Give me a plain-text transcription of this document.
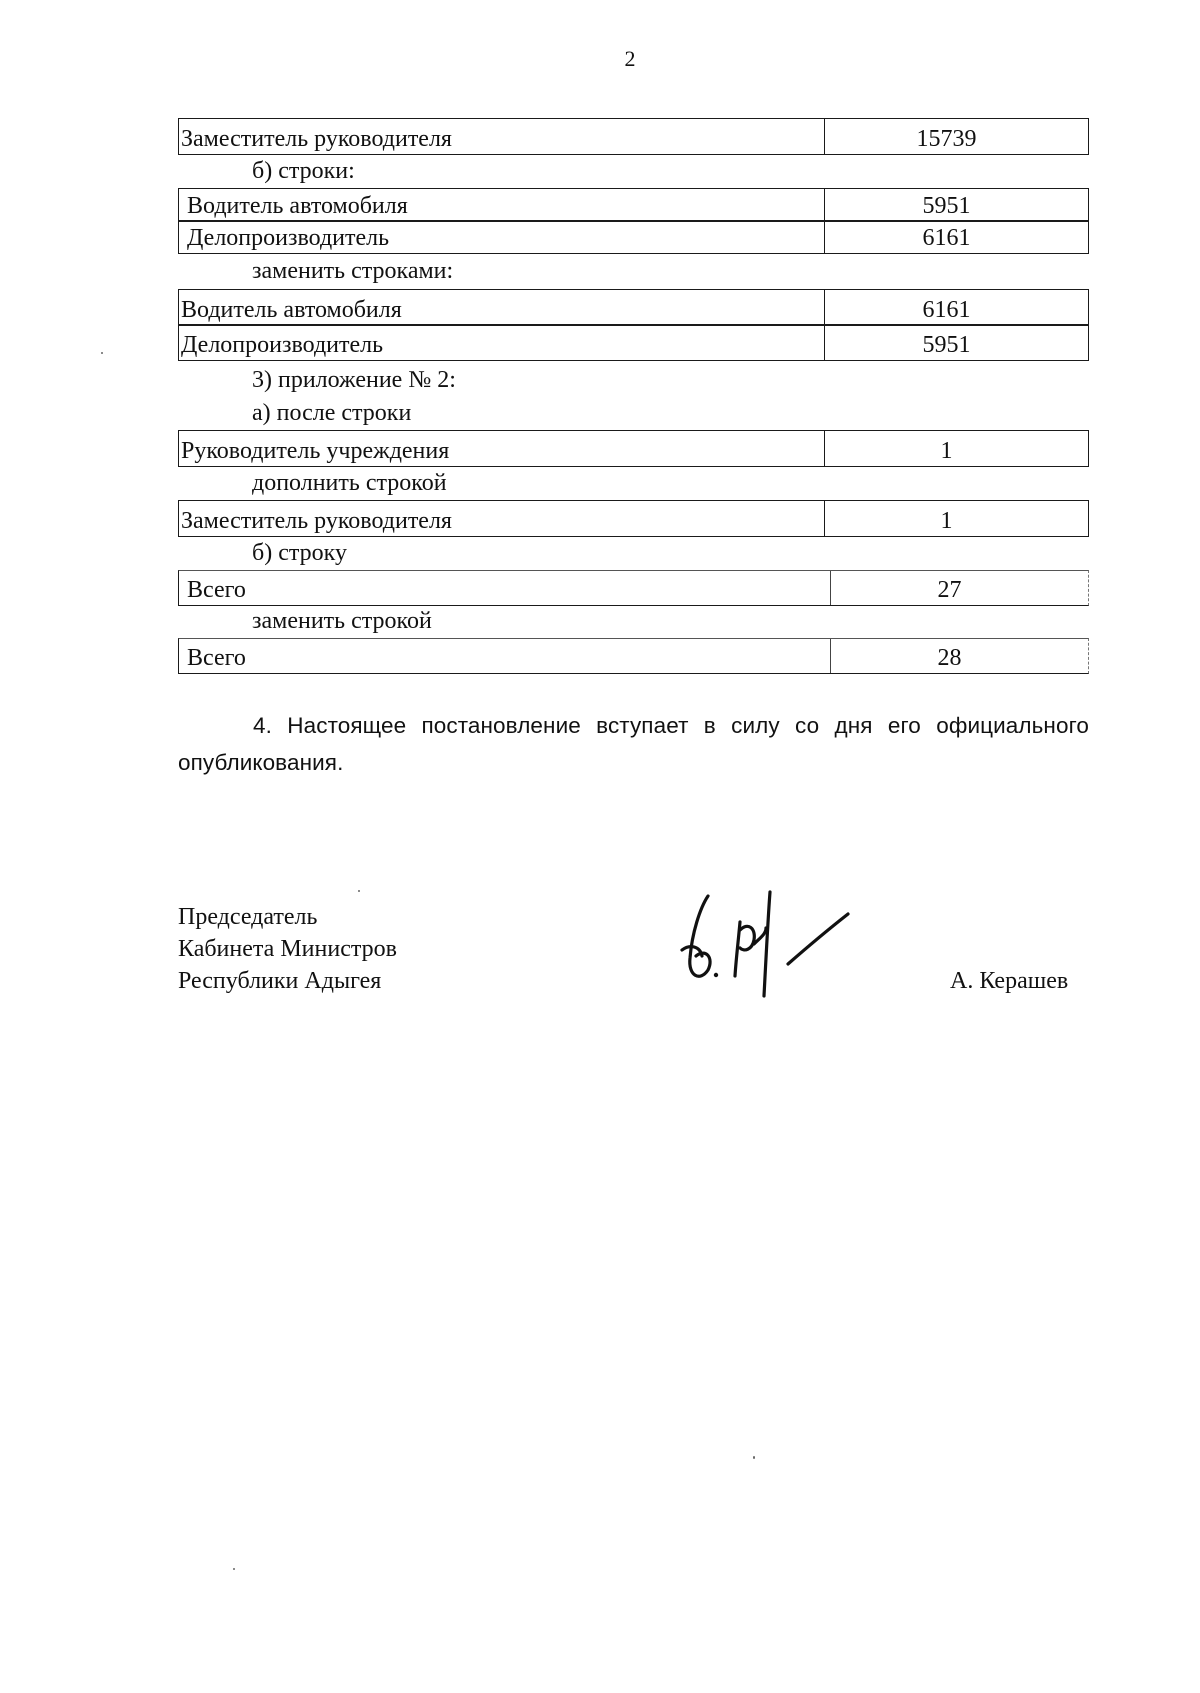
2
Заместитель руководителя	15739
б) строки:
Водитель автомобиля	5951
Делопроизводитель	6161
заменить строками:
Водитель автомобиля	6161
Делопроизводитель	5951
3) приложение № 2:
а) после строки
Руководитель учреждения	1
дополнить строкой
Заместитель руководителя	1
б) строку
Всего	27
заменить строкой
Всего	28

4. Настоящее постановление вступает в силу со дня его официального опубликования.

Председатель
Кабинета Министров
Республики Адыгея	А. Керашев
